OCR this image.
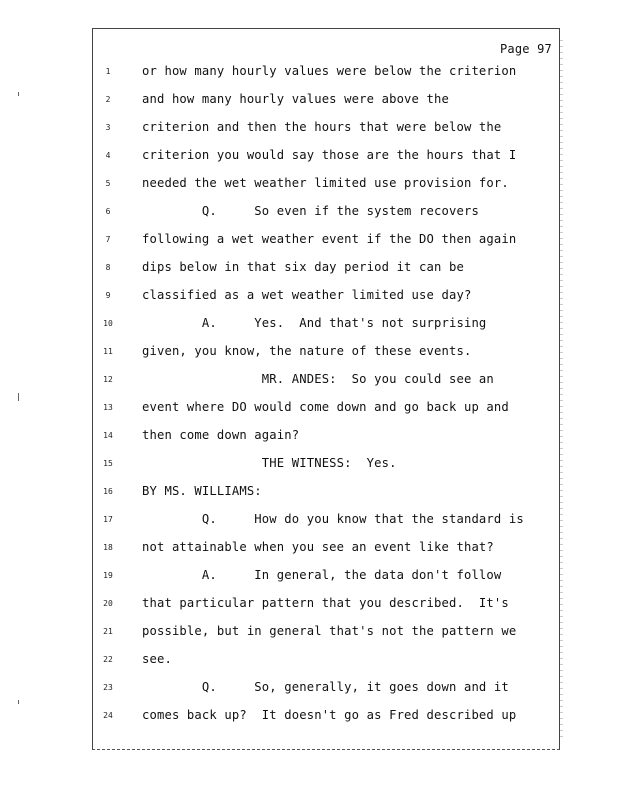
Page 97
1	or how many hourly values were below the criterion
2	and how many hourly values were above the
3	criterion and then the hours that were below the
4	criterion you would say those are the hours that I
5	needed the wet weather limited use provision for.
6	Q.     So even if the system recovers
7	following a wet weather event if the DO then again
8	dips below in that six day period it can be
9	classified as a wet weather limited use day?
10 A.     Yes.  And that's not surprising
11 given, you know, the nature of these events.
12 MR. ANDES:  So you could see an
13 event where DO would come down and go back up and
14 then come down again?
15 THE WITNESS:  Yes.
16 BY MS. WILLIAMS:
17 Q.     How do you know that the standard is
18 not attainable when you see an event like that?
19 A.     In general, the data don't follow
20 that particular pattern that you described.  It's
21 possible, but in general that's not the pattern we
22 see.
23 Q.     So, generally, it goes down and it
24 comes back up?  It doesn't go as Fred described up
